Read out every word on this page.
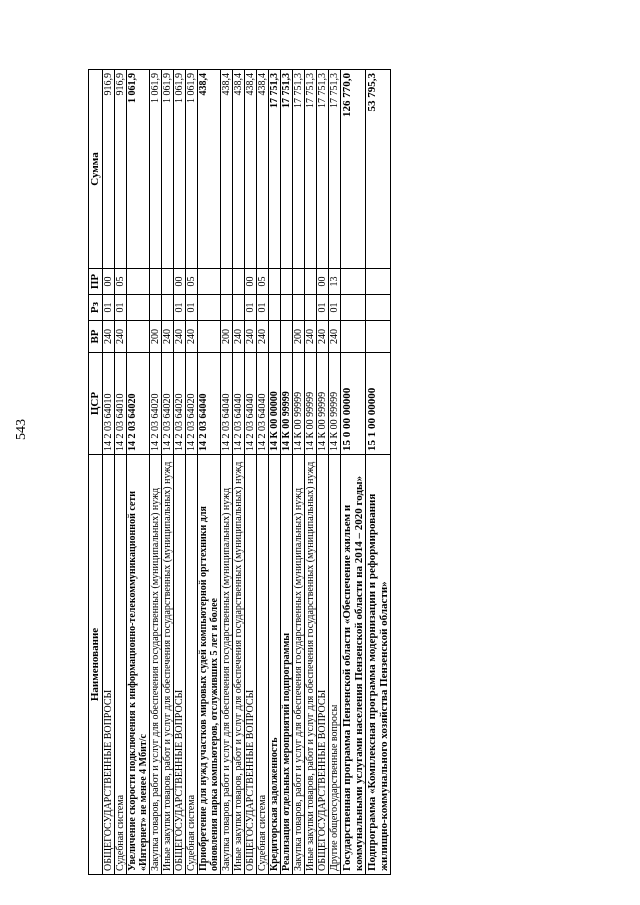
543
Наименование	ЦСР	ВР	Рз	ПР	Сумма
ОБЩЕГОСУДАРСТВЕННЫЕ ВОПРОСЫ	14 2 03 64010	240	01	00	916,9
Судебная система	14 2 03 64010	240	01	05	916,9
Увеличение скорости подключения к информационно-телекоммуникационной сети «Интернет» не менее 4 Мбит/с	14 2 03 64020				1 061,9
Закупка товаров, работ и услуг для обеспечения государственных (муниципальных) нужд	14 2 03 64020	200			1 061,9
Иные закупки товаров, работ и услуг для обеспечения государственных (муниципальных) нужд	14 2 03 64020	240			1 061,9
ОБЩЕГОСУДАРСТВЕННЫЕ ВОПРОСЫ	14 2 03 64020	240	01	00	1 061,9
Судебная система	14 2 03 64020	240	01	05	1 061,9
Приобретение для нужд участков мировых судей компьютерной оргтехники для обновления парка компьютеров, отслуживших 5 лет и более	14 2 03 64040				438,4
Закупка товаров, работ и услуг для обеспечения государственных (муниципальных) нужд	14 2 03 64040	200			438,4
Иные закупки товаров, работ и услуг для обеспечения государственных (муниципальных) нужд	14 2 03 64040	240			438,4
ОБЩЕГОСУДАРСТВЕННЫЕ ВОПРОСЫ	14 2 03 64040	240	01	00	438,4
Судебная система	14 2 03 64040	240	01	05	438,4
Кредиторская задолженность	14 К 00 00000				17 751,3
Реализация отдельных мероприятий подпрограммы	14 К 00 99999				17 751,3
Закупка товаров, работ и услуг для обеспечения государственных (муниципальных) нужд	14 К 00 99999	200			17 751,3
Иные закупки товаров, работ и услуг для обеспечения государственных (муниципальных) нужд	14 К 00 99999	240			17 751,3
ОБЩЕГОСУДАРСТВЕННЫЕ ВОПРОСЫ	14 К 00 99999	240	01	00	17 751,3
Другие общегосударственные вопросы	14 К 00 99999	240	01	13	17 751,3
Государственная программа Пензенской области «Обеспечение жильем и коммунальными услугами населения Пензенской области на 2014 – 2020 годы»	15 0 00 00000				126 770,0
Подпрограмма «Комплексная программа модернизации и реформирования жилищно-коммунального хозяйства Пензенской области»	15 1 00 00000				53 795,3
